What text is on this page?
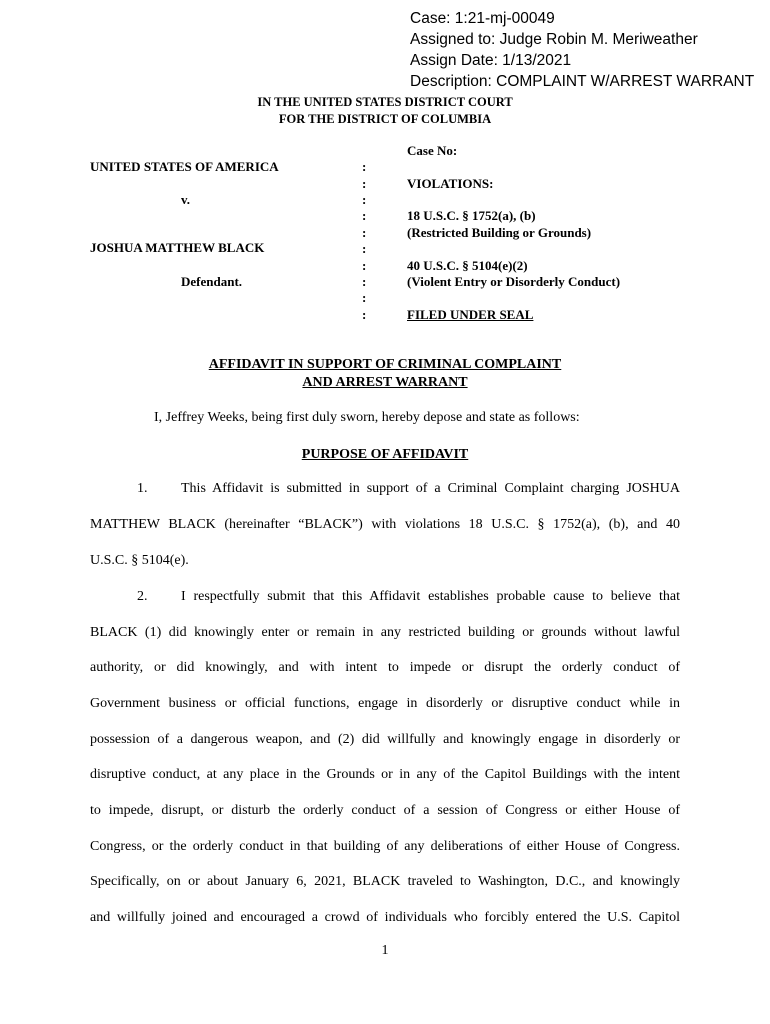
Case: 1:21-mj-00049
Assigned to: Judge Robin M. Meriweather
Assign Date: 1/13/2021
Description: COMPLAINT W/ARREST WARRANT
IN THE UNITED STATES DISTRICT COURT
FOR THE DISTRICT OF COLUMBIA
UNITED STATES OF AMERICA
v.
JOSHUA MATTHEW BLACK
Defendant.
:
:
:
:
:
:
:
:
:
:
Case No:
VIOLATIONS:
18 U.S.C. § 1752(a), (b)
(Restricted Building or Grounds)
40 U.S.C. § 5104(e)(2)
(Violent Entry or Disorderly Conduct)
FILED UNDER SEAL
AFFIDAVIT IN SUPPORT OF CRIMINAL COMPLAINT
AND ARREST WARRANT
I, Jeffrey Weeks, being first duly sworn, hereby depose and state as follows:
PURPOSE OF AFFIDAVIT
1. This Affidavit is submitted in support of a Criminal Complaint charging JOSHUA
MATTHEW BLACK (hereinafter “BLACK”) with violations 18 U.S.C. § 1752(a), (b), and 40
U.S.C. § 5104(e).
2. I respectfully submit that this Affidavit establishes probable cause to believe that
BLACK (1) did knowingly enter or remain in any restricted building or grounds without lawful
authority, or did knowingly, and with intent to impede or disrupt the orderly conduct of
Government business or official functions, engage in disorderly or disruptive conduct while in
possession of a dangerous weapon, and (2) did willfully and knowingly engage in disorderly or
disruptive conduct, at any place in the Grounds or in any of the Capitol Buildings with the intent
to impede, disrupt, or disturb the orderly conduct of a session of Congress or either House of
Congress, or the orderly conduct in that building of any deliberations of either House of Congress.
Specifically, on or about January 6, 2021, BLACK traveled to Washington, D.C., and knowingly
and willfully joined and encouraged a crowd of individuals who forcibly entered the U.S. Capitol
1
